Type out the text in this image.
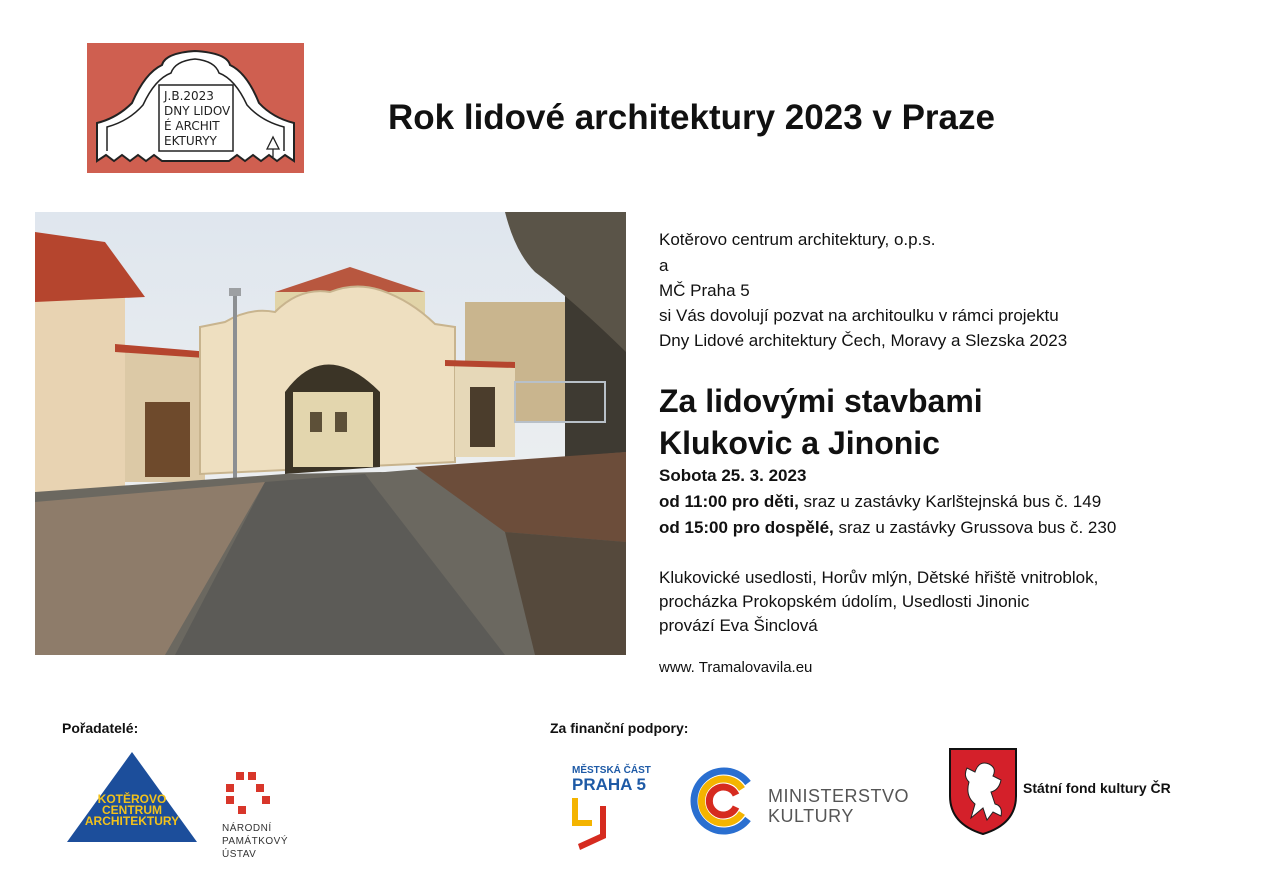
J.B.2023
DNY LIDOV
É ARCHIT
EKTURYY
Rok lidové architektury 2023 v Praze
Kotěrovo centrum architektury, o.p.s.
a
MČ Praha 5
si Vás dovolují pozvat na architoulku v rámci projektu
Dny Lidové architektury Čech, Moravy a Slezska 2023
Za lidovými stavbami
Klukovic a Jinonic
Sobota 25. 3. 2023
od 11:00 pro děti, sraz u zastávky Karlštejnská bus č. 149
od 15:00 pro dospělé, sraz u zastávky Grussova bus č. 230
Klukovické usedlosti, Horův mlýn, Dětské hřiště vnitroblok,
procházka Prokopském údolím, Usedlosti Jinonic
provází Eva Šinclová
www. Tramalovavila.eu
Pořadatelé:	Za finanční podpory:
KOTĚROVO
CENTRUM
ARCHITEKTURY
NÁRODNÍ
PAMÁTKOVÝ
ÚSTAV
MĚSTSKÁ ČÁST
PRAHA 5
MINISTERSTVO
KULTURY
Státní fond kultury ČR
